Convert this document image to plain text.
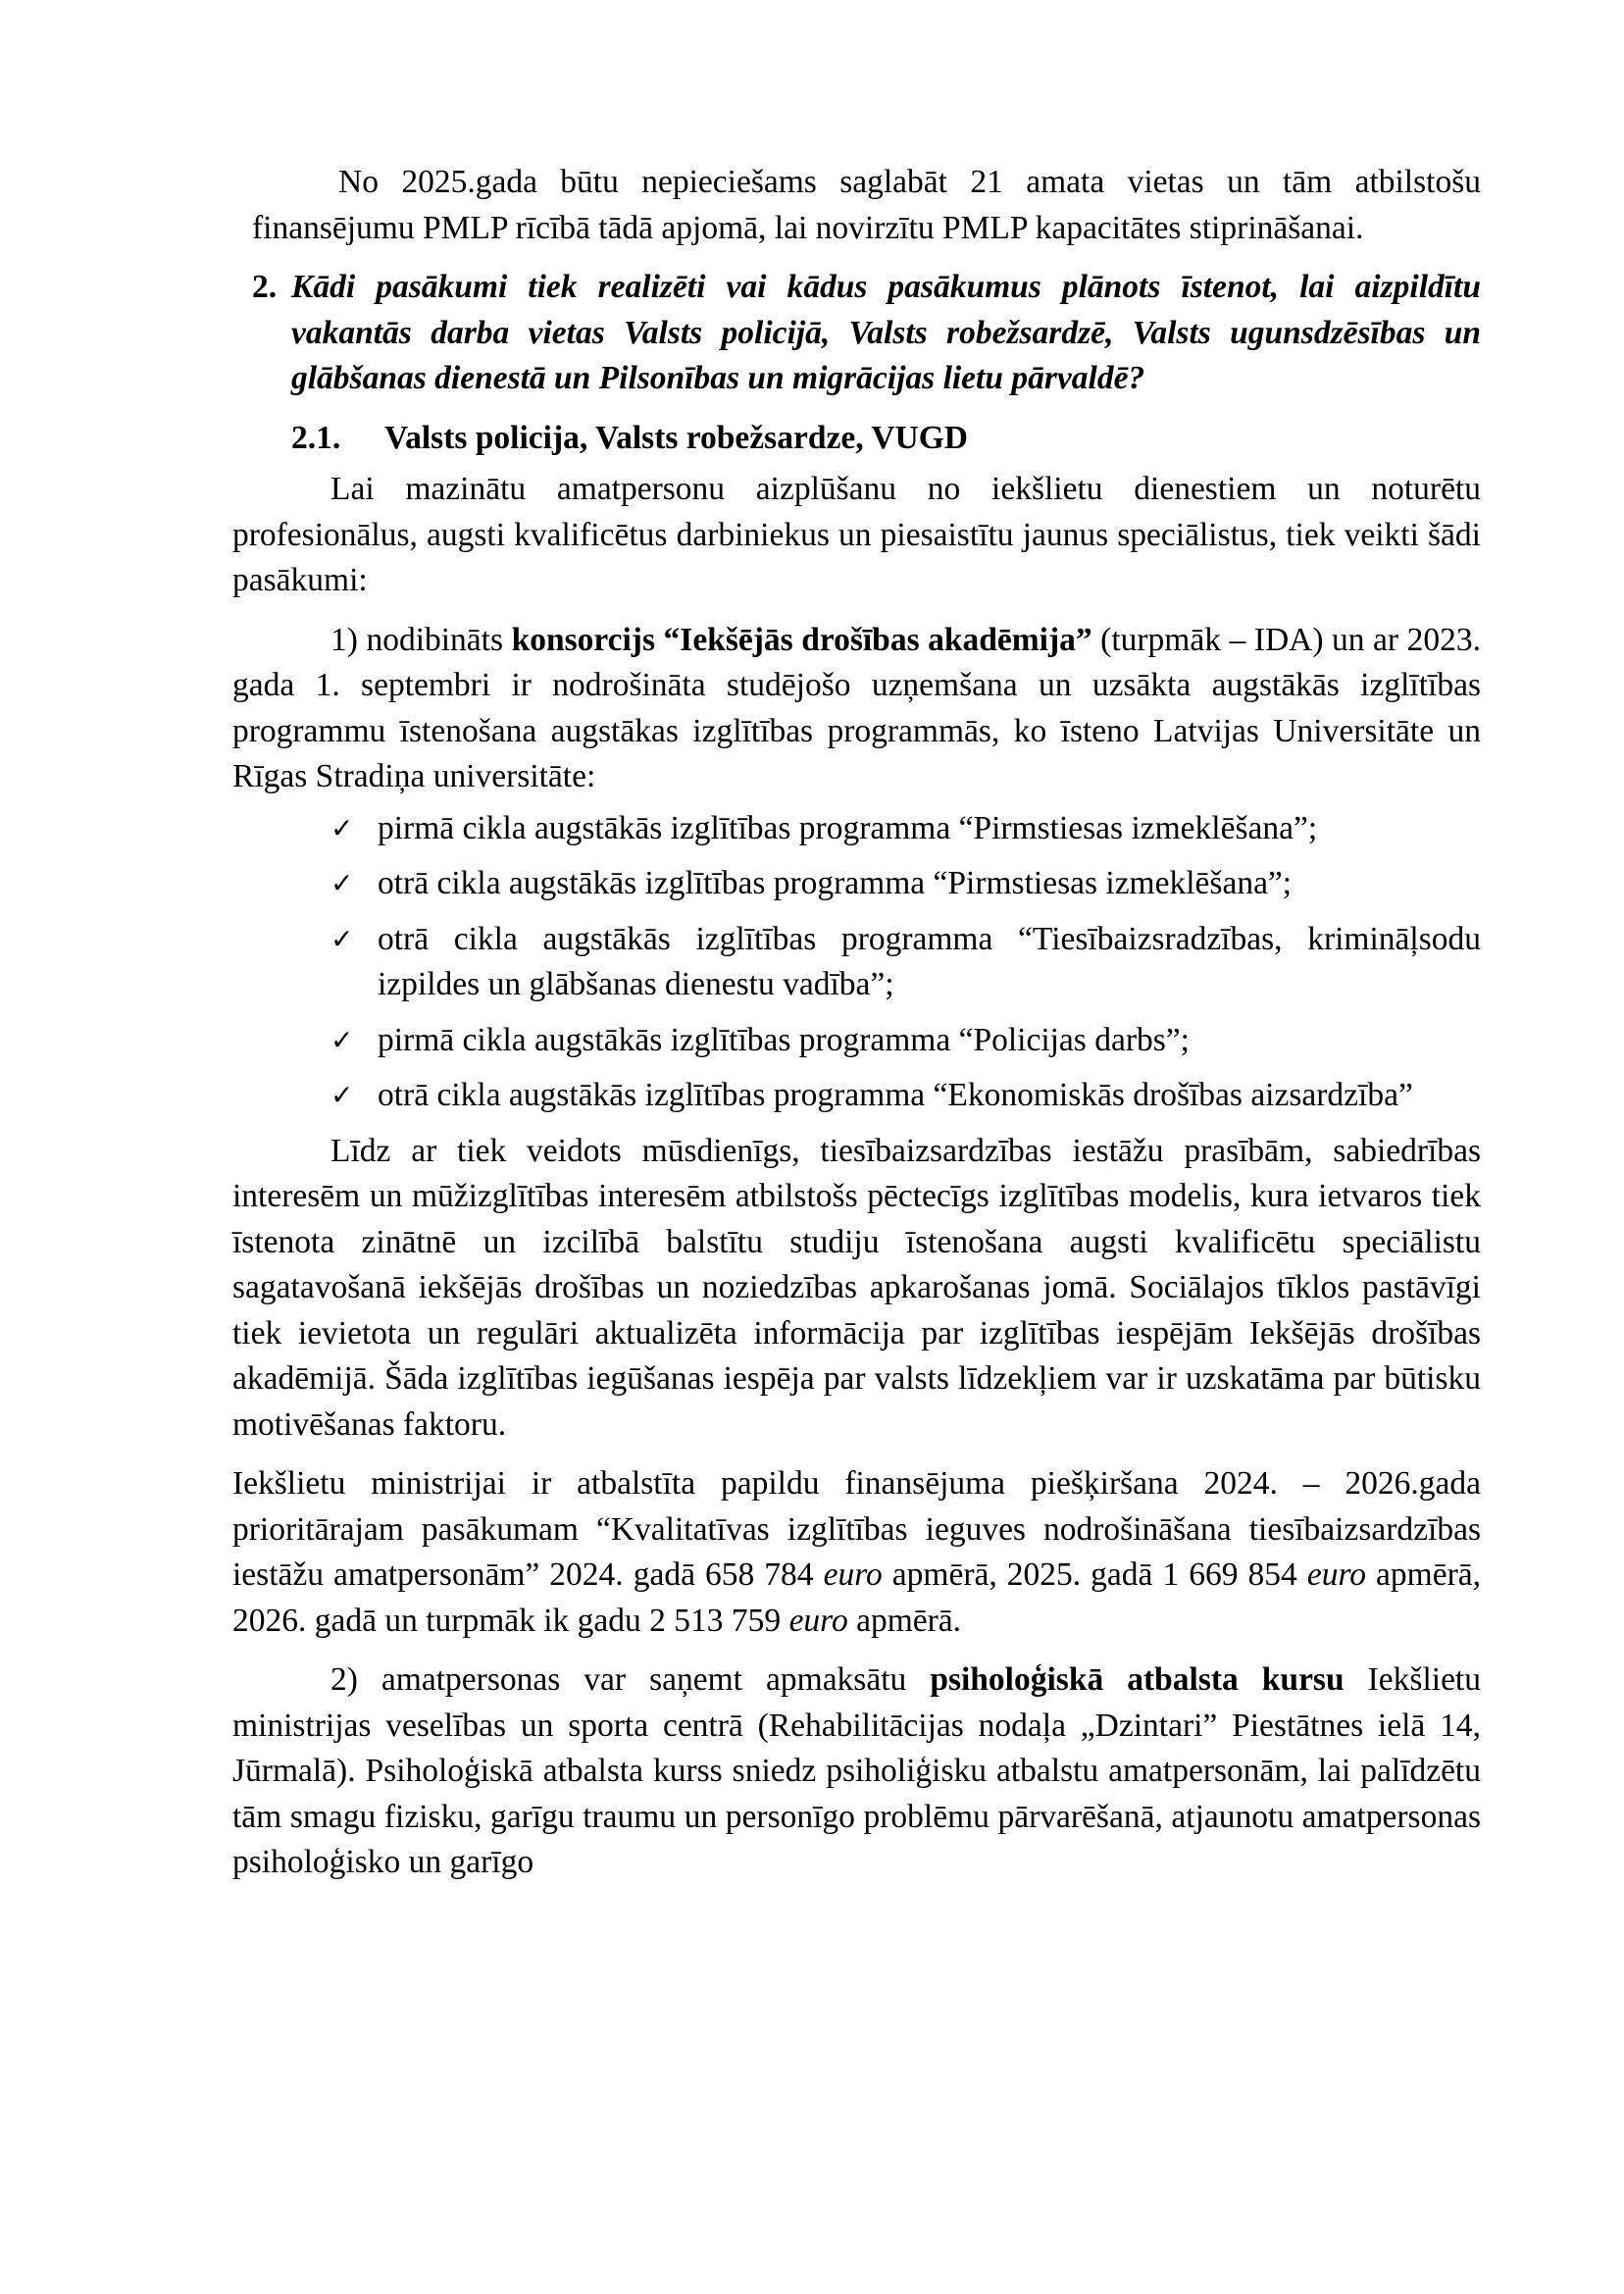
No 2025.gada būtu nepieciešams saglabāt 21 amata vietas un tām atbilstošu finansējumu PMLP rīcībā tādā apjomā, lai novirzītu PMLP kapacitātes stiprināšanai.

2. Kādi pasākumi tiek realizēti vai kādus pasākumus plānots īstenot, lai aizpildītu vakantās darba vietas Valsts policijā, Valsts robežsardzē, Valsts ugunsdzēsības un glābšanas dienestā un Pilsonības un migrācijas lietu pārvaldē?

2.1. Valsts policija, Valsts robežsardze, VUGD

Lai mazinātu amatpersonu aizplūšanu no iekšlietu dienestiem un noturētu profesionālus, augsti kvalificētus darbiniekus un piesaistītu jaunus speciālistus, tiek veikti šādi pasākumi:

1) nodibināts konsorcijs “Iekšējās drošības akadēmija” (turpmāk – IDA) un ar 2023. gada 1. septembri ir nodrošināta studējošo uzņemšana un uzsākta augstākās izglītības programmu īstenošana augstākas izglītības programmās, ko īsteno Latvijas Universitāte un Rīgas Stradiņa universitāte:

✓ pirmā cikla augstākās izglītības programma “Pirmstiesas izmeklēšana”;
✓ otrā cikla augstākās izglītības programma “Pirmstiesas izmeklēšana”;
✓ otrā cikla augstākās izglītības programma “Tiesībaizsradzības, krimināļsodu izpildes un glābšanas dienestu vadība”;
✓ pirmā cikla augstākās izglītības programma “Policijas darbs”;
✓ otrā cikla augstākās izglītības programma “Ekonomiskās drošības aizsardzība”

Līdz ar tiek veidots mūsdienīgs, tiesībaizsardzības iestāžu prasībām, sabiedrības interesēm un mūžizglītības interesēm atbilstošs pēctecīgs izglītības modelis, kura ietvaros tiek īstenota zinātnē un izcilībā balstītu studiju īstenošana augsti kvalificētu speciālistu sagatavošanā iekšējās drošības un noziedzības apkarošanas jomā. Sociālajos tīklos pastāvīgi tiek ievietota un regulāri aktualizēta informācija par izglītības iespējām Iekšējās drošības akadēmijā. Šāda izglītības iegūšanas iespēja par valsts līdzekļiem var ir uzskatāma par būtisku motivēšanas faktoru.

Iekšlietu ministrijai ir atbalstīta papildu finansējuma piešķiršana 2024. – 2026.gada prioritārajam pasākumam “Kvalitatīvas izglītības ieguves nodrošināšana tiesībaizsardzības iestāžu amatpersonām” 2024. gadā 658 784 euro apmērā, 2025. gadā 1 669 854 euro apmērā, 2026. gadā un turpmāk ik gadu 2 513 759 euro apmērā.

2) amatpersonas var saņemt apmaksātu psiholoģiskā atbalsta kursu Iekšlietu ministrijas veselības un sporta centrā (Rehabilitācijas nodaļa „Dzintari” Piestātnes ielā 14, Jūrmalā). Psiholoģiskā atbalsta kurss sniedz psiholiģisku atbalstu amatpersonām, lai palīdzētu tām smagu fizisku, garīgu traumu un personīgo problēmu pārvarēšanā, atjaunotu amatpersonas psiholoģisko un garīgo
